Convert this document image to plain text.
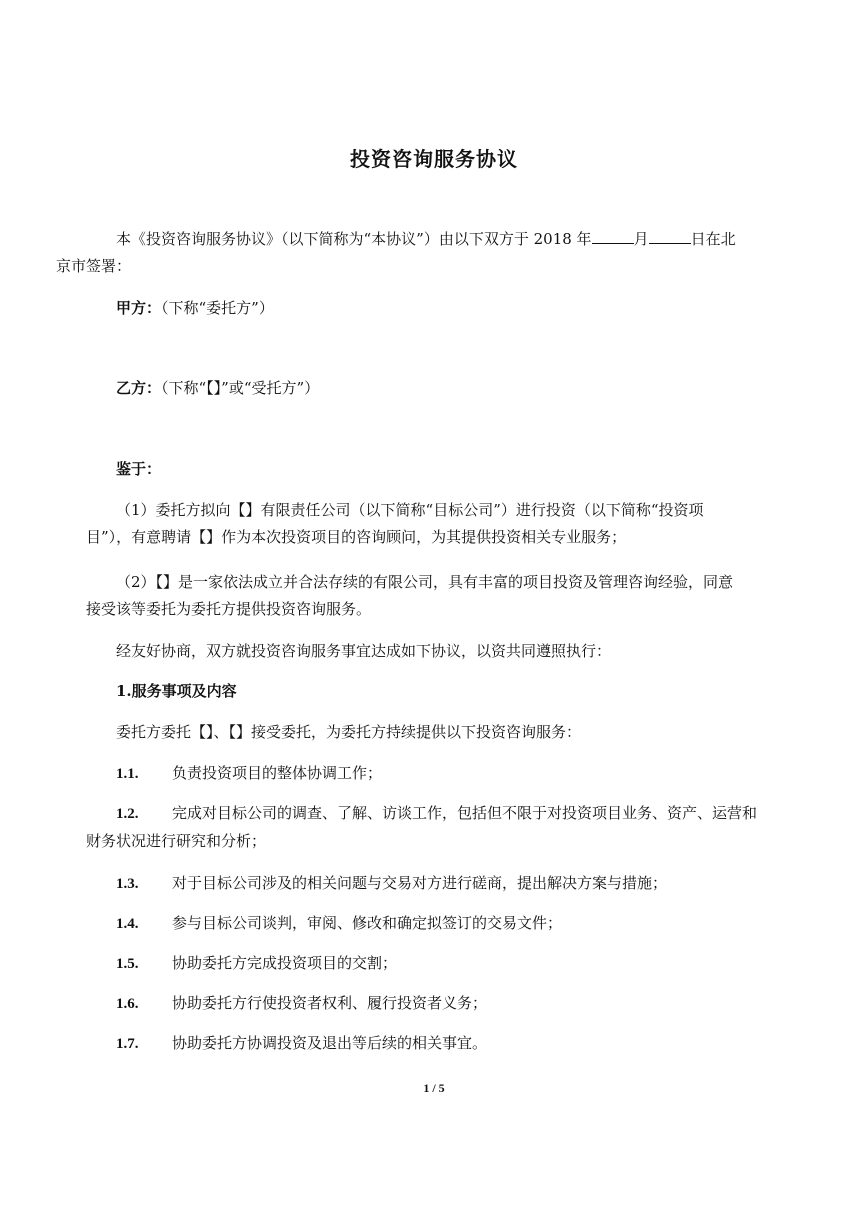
投资咨询服务协议
本《投资咨询服务协议》（以下简称为“本协议”）由以下双方于 2018 年	月	日在北
京市签署：
甲方：（下称“委托方”）
乙方：（下称“【】”或“受托方”）
鉴于：
（1）委托方拟向【】有限责任公司（以下简称“目标公司”）进行投资（以下简称“投资项
目”），有意聘请【】作为本次投资项目的咨询顾问，为其提供投资相关专业服务；
（2）【】是一家依法成立并合法存续的有限公司，具有丰富的项目投资及管理咨询经验，同意
接受该等委托为委托方提供投资咨询服务。
经友好协商，双方就投资咨询服务事宜达成如下协议，以资共同遵照执行：
1.服务事项及内容
委托方委托【】、【】接受委托，为委托方持续提供以下投资咨询服务：
1.1. 负责投资项目的整体协调工作；
1.2. 完成对目标公司的调查、了解、访谈工作，包括但不限于对投资项目业务、资产、运营和
财务状况进行研究和分析；
1.3. 对于目标公司涉及的相关问题与交易对方进行磋商，提出解决方案与措施；
1.4. 参与目标公司谈判，审阅、修改和确定拟签订的交易文件；
1.5. 协助委托方完成投资项目的交割；
1.6. 协助委托方行使投资者权利、履行投资者义务；
1.7. 协助委托方协调投资及退出等后续的相关事宜。
1 / 5
